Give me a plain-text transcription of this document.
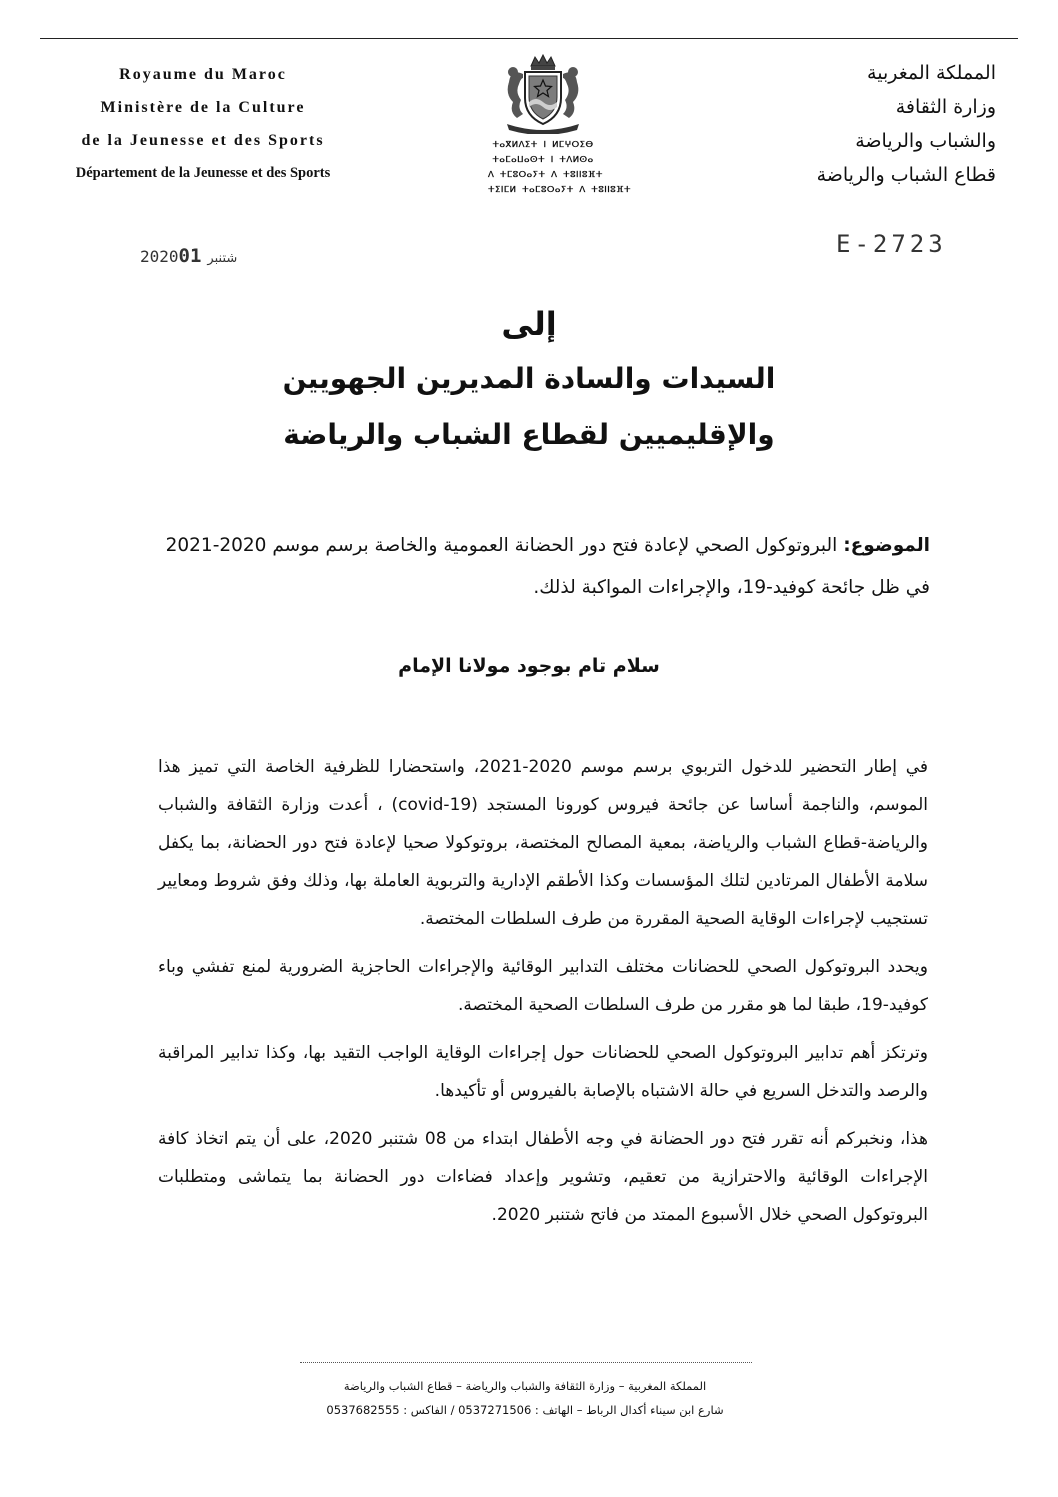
Royaume du Maroc
Ministère de la Culture
de la Jeunesse et des Sports
Département de la Jeunesse et des Sports
ⵜⴰⴳⵍⴷⵉⵜ ⵏ ⵍⵎⵖⵔⵉⴱ
ⵜⴰⵎⴰⵡⴰⵙⵜ ⵏ ⵜⴷⵍⵙⴰ
ⴷ ⵜⵎⵓⵔⴰⵢⵜ ⴷ ⵜⵓⵏⵏⵓⴼⵜ
ⵜⵉⵏⵎⵍ ⵜⴰⵎⵓⵔⴰⵢⵜ ⴷ ⵜⵓⵏⵏⵓⴼⵜ
المملكة المغربية
وزارة الثقافة
والشباب والرياضة
قطاع الشباب والرياضة
2020 شتنبر01	E-2723
إلى
السيدات والسادة المديرين الجهويين
والإقليميين لقطاع الشباب والرياضة
الموضوع: البروتوكول الصحي لإعادة فتح دور الحضانة العمومية والخاصة برسم موسم 2020-2021 في ظل جائحة كوفيد-19، والإجراءات المواكبة لذلك.
سلام تام بوجود مولانا الإمام

في إطار التحضير للدخول التربوي برسم موسم 2020-2021، واستحضارا للظرفية الخاصة التي تميز هذا الموسم، والناجمة أساسا عن جائحة فيروس كورونا المستجد (covid-19) ، أعدت وزارة الثقافة والشباب والرياضة-قطاع الشباب والرياضة، بمعية المصالح المختصة، بروتوكولا صحيا لإعادة فتح دور الحضانة، بما يكفل سلامة الأطفال المرتادين لتلك المؤسسات وكذا الأطقم الإدارية والتربوية العاملة بها، وذلك وفق شروط ومعايير تستجيب لإجراءات الوقاية الصحية المقررة من طرف السلطات المختصة.

ويحدد البروتوكول الصحي للحضانات مختلف التدابير الوقائية والإجراءات الحاجزية الضرورية لمنع تفشي وباء كوفيد-19، طبقا لما هو مقرر من طرف السلطات الصحية المختصة.

وترتكز أهم تدابير البروتوكول الصحي للحضانات حول إجراءات الوقاية الواجب التقيد بها، وكذا تدابير المراقبة والرصد والتدخل السريع في حالة الاشتباه بالإصابة بالفيروس أو تأكيدها.

هذا، ونخبركم أنه تقرر فتح دور الحضانة في وجه الأطفال ابتداء من 08 شتنبر 2020، على أن يتم اتخاذ كافة الإجراءات الوقائية والاحترازية من تعقيم، وتشوير وإعداد فضاءات دور الحضانة بما يتماشى ومتطلبات البروتوكول الصحي خلال الأسبوع الممتد من فاتح شتنبر 2020.

المملكة المغربية – وزارة الثقافة والشباب والرياضة – قطاع الشباب والرياضة
شارع ابن سيناء أكدال الرباط – الهاتف : 0537271506 / الفاكس : 0537682555
